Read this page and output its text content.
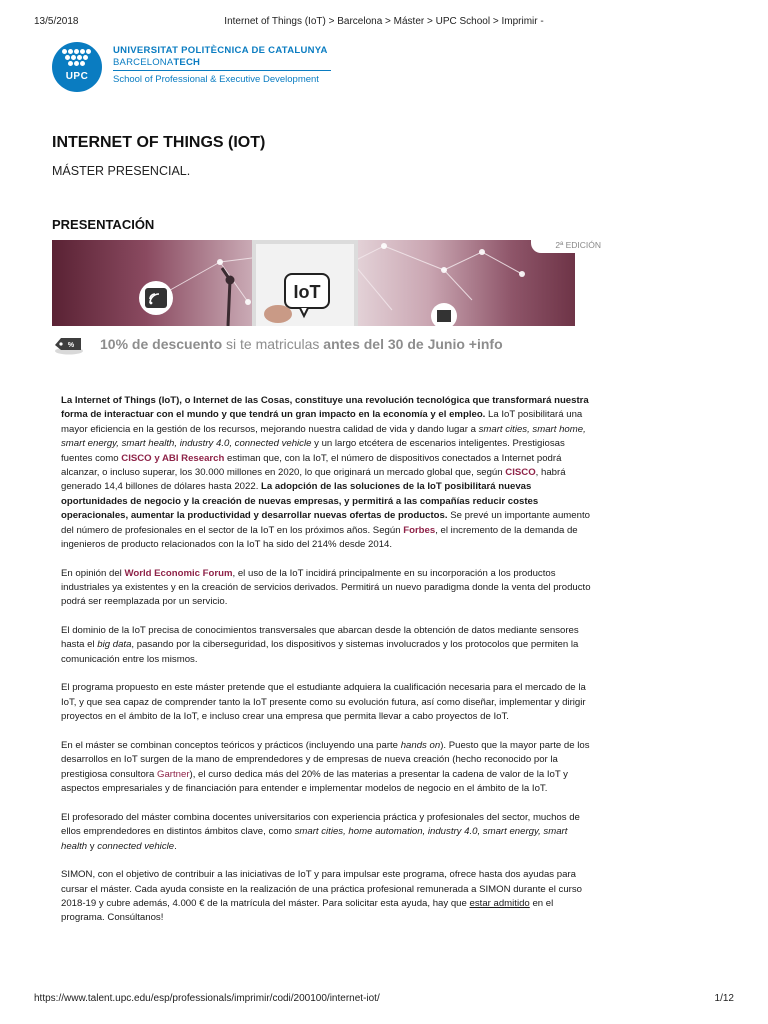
13/5/2018	Internet of Things (IoT) > Barcelona > Máster > UPC School > Imprimir -
UPC
UNIVERSITAT POLITÈCNICA DE CATALUNYA
BARCELONATECH
School of Professional & Executive Development
INTERNET OF THINGS (IOT)
MÁSTER PRESENCIAL.
PRESENTACIÓN
IoT
2ª EDICIÓN
% 10% de descuento si te matriculas antes del 30 de Junio +info

La Internet of Things (IoT), o Internet de las Cosas, constituye una revolución tecnológica que transformará nuestra forma de interactuar con el mundo y que tendrá un gran impacto en la economía y el empleo. La IoT posibilitará una mayor eficiencia en la gestión de los recursos, mejorando nuestra calidad de vida y dando lugar a smart cities, smart home, smart energy, smart health, industry 4.0, connected vehicle y un largo etcétera de escenarios inteligentes. Prestigiosas fuentes como CISCO y ABI Research estiman que, con la IoT, el número de dispositivos conectados a Internet podrá alcanzar, o incluso superar, los 30.000 millones en 2020, lo que originará un mercado global que, según CISCO, habrá generado 14,4 billones de dólares hasta 2022. La adopción de las soluciones de la IoT posibilitará nuevas oportunidades de negocio y la creación de nuevas empresas, y permitirá a las compañías reducir costes operacionales, aumentar la productividad y desarrollar nuevas ofertas de productos. Se prevé un importante aumento del número de profesionales en el sector de la IoT en los próximos años. Según Forbes, el incremento de la demanda de ingenieros de producto relacionados con la IoT ha sido del 214% desde 2014.

En opinión del World Economic Forum, el uso de la IoT incidirá principalmente en su incorporación a los productos industriales ya existentes y en la creación de servicios derivados. Permitirá un nuevo paradigma donde la venta del producto podrá ser reemplazada por un servicio.

El dominio de la IoT precisa de conocimientos transversales que abarcan desde la obtención de datos mediante sensores hasta el big data, pasando por la ciberseguridad, los dispositivos y sistemas involucrados y los protocolos que permiten la comunicación entre los mismos.

El programa propuesto en este máster pretende que el estudiante adquiera la cualificación necesaria para el mercado de la IoT, y que sea capaz de comprender tanto la IoT presente como su evolución futura, así como diseñar, implementar y dirigir proyectos en el ámbito de la IoT, e incluso crear una empresa que permita llevar a cabo proyectos de IoT.

En el máster se combinan conceptos teóricos y prácticos (incluyendo una parte hands on). Puesto que la mayor parte de los desarrollos en IoT surgen de la mano de emprendedores y de empresas de nueva creación (hecho reconocido por la prestigiosa consultora Gartner), el curso dedica más del 20% de las materias a presentar la cadena de valor de la IoT y aspectos empresariales y de financiación para entender e implementar modelos de negocio en el ámbito de la IoT.

El profesorado del máster combina docentes universitarios con experiencia práctica y profesionales del sector, muchos de ellos emprendedores en distintos ámbitos clave, como smart cities, home automation, industry 4.0, smart energy, smart health y connected vehicle.

SIMON, con el objetivo de contribuir a las iniciativas de IoT y para impulsar este programa, ofrece hasta dos ayudas para cursar el máster. Cada ayuda consiste en la realización de una práctica profesional remunerada a SIMON durante el curso 2018-19 y cubre además, 4.000 € de la matrícula del máster. Para solicitar esta ayuda, hay que estar admitido en el programa. Consúltanos!

https://www.talent.upc.edu/esp/professionals/imprimir/codi/200100/internet-iot/	1/12
